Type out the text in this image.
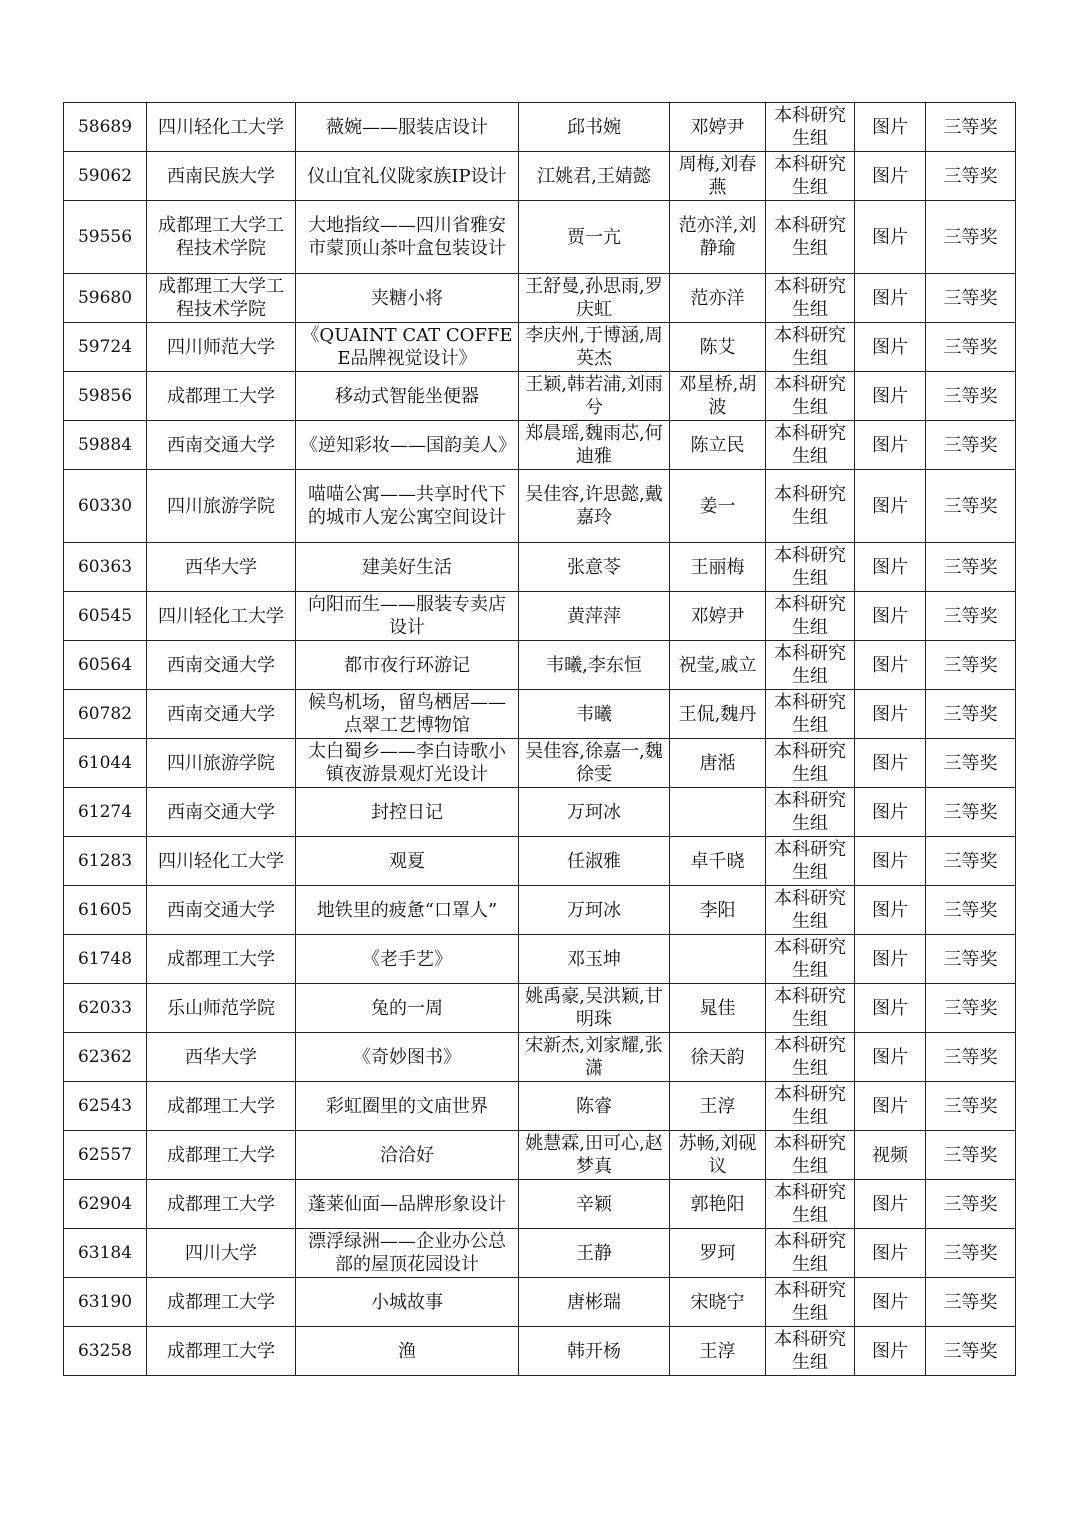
58689	四川轻化工大学	薇婉——服装店设计	邱书婉	邓婷尹	本科研究生组	图片	三等奖
59062	西南民族大学	仪山宜礼仪陇家族IP设计	江姚君,王婧懿	周梅,刘春燕	本科研究生组	图片	三等奖
59556	成都理工大学工程技术学院	大地指纹——四川省雅安市蒙顶山茶叶盒包装设计	贾一亢	范亦洋,刘静瑜	本科研究生组	图片	三等奖
59680	成都理工大学工程技术学院	夹糖小将	王舒曼,孙思雨,罗庆虹	范亦洋	本科研究生组	图片	三等奖
59724	四川师范大学	《QUAINT CAT COFFEE品牌视觉设计》	李庆州,于博涵,周英杰	陈艾	本科研究生组	图片	三等奖
59856	成都理工大学	移动式智能坐便器	王颖,韩若浦,刘雨兮	邓星桥,胡波	本科研究生组	图片	三等奖
59884	西南交通大学	《逆知彩妆——国韵美人》	郑晨瑶,魏雨芯,何迪雅	陈立民	本科研究生组	图片	三等奖
60330	四川旅游学院	喵喵公寓——共享时代下的城市人宠公寓空间设计	吴佳容,许思懿,戴嘉玲	姜一	本科研究生组	图片	三等奖
60363	西华大学	建美好生活	张意苓	王丽梅	本科研究生组	图片	三等奖
60545	四川轻化工大学	向阳而生——服装专卖店设计	黄萍萍	邓婷尹	本科研究生组	图片	三等奖
60564	西南交通大学	都市夜行环游记	韦曦,李东恒	祝莹,戚立	本科研究生组	图片	三等奖
60782	西南交通大学	候鸟机场，留鸟栖居——点翠工艺博物馆	韦曦	王侃,魏丹	本科研究生组	图片	三等奖
61044	四川旅游学院	太白蜀乡——李白诗歌小镇夜游景观灯光设计	吴佳容,徐嘉一,魏徐雯	唐湉	本科研究生组	图片	三等奖
61274	西南交通大学	封控日记	万珂冰		本科研究生组	图片	三等奖
61283	四川轻化工大学	观夏	任淑雅	卓千晓	本科研究生组	图片	三等奖
61605	西南交通大学	地铁里的疲惫“口罩人”	万珂冰	李阳	本科研究生组	图片	三等奖
61748	成都理工大学	《老手艺》	邓玉坤		本科研究生组	图片	三等奖
62033	乐山师范学院	兔的一周	姚禹豪,吴洪颖,甘明珠	晁佳	本科研究生组	图片	三等奖
62362	西华大学	《奇妙图书》	宋新杰,刘家耀,张潇	徐天韵	本科研究生组	图片	三等奖
62543	成都理工大学	彩虹圈里的文庙世界	陈睿	王淳	本科研究生组	图片	三等奖
62557	成都理工大学	洽洽好	姚慧霖,田可心,赵梦真	苏畅,刘砚议	本科研究生组	视频	三等奖
62904	成都理工大学	蓬莱仙面—品牌形象设计	辛颖	郭艳阳	本科研究生组	图片	三等奖
63184	四川大学	漂浮绿洲——企业办公总部的屋顶花园设计	王静	罗珂	本科研究生组	图片	三等奖
63190	成都理工大学	小城故事	唐彬瑞	宋晓宁	本科研究生组	图片	三等奖
63258	成都理工大学	渔	韩开杨	王淳	本科研究生组	图片	三等奖
